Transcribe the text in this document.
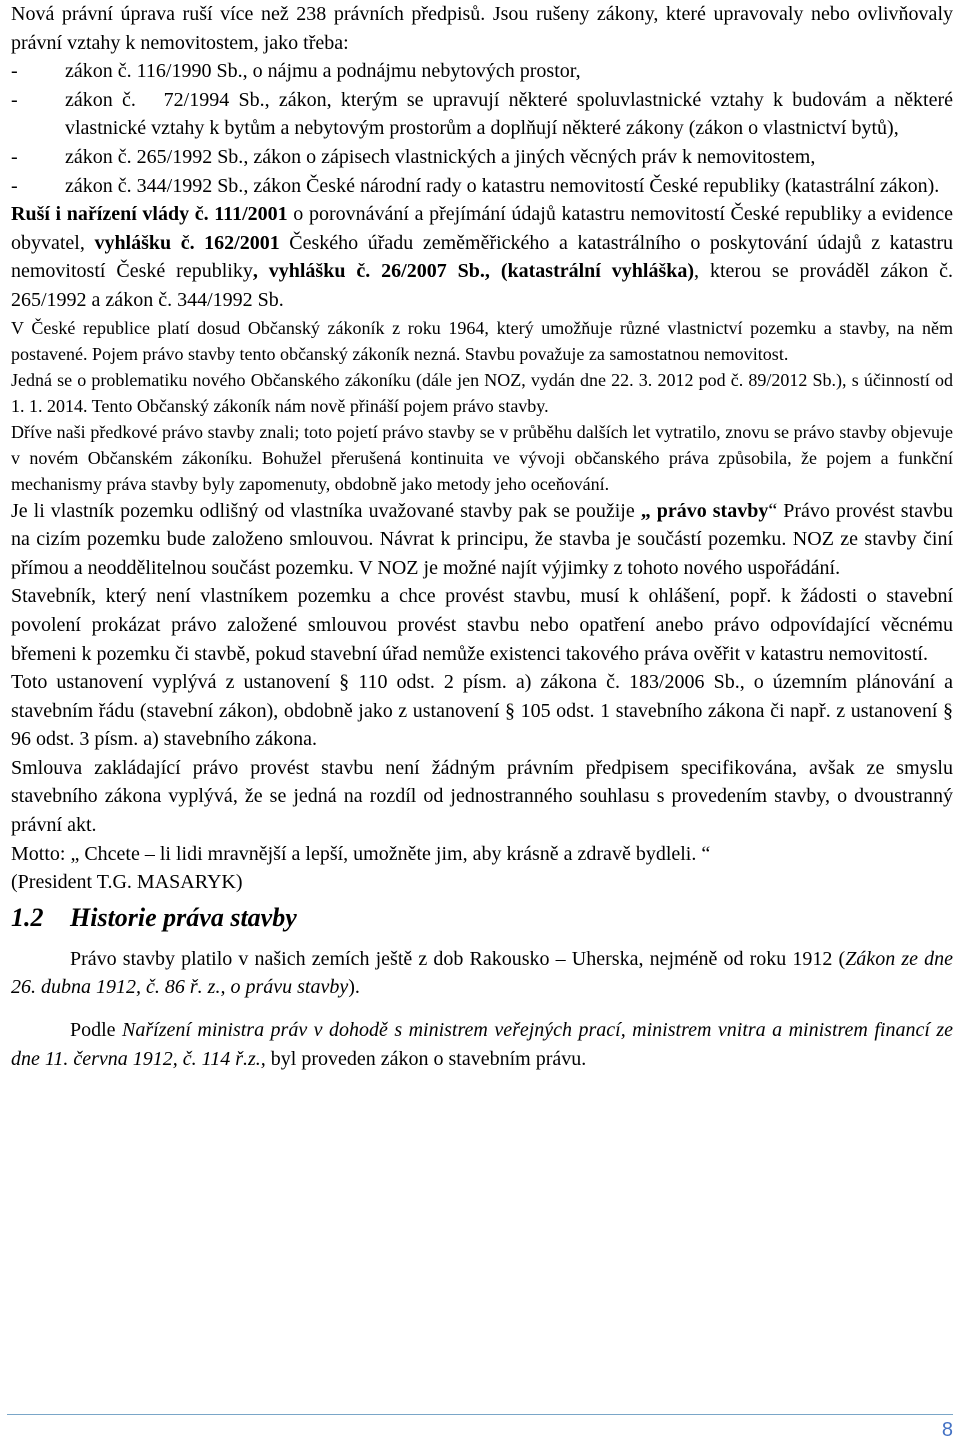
Nová právní úprava ruší více než 238 právních předpisů. Jsou rušeny zákony, které upravovaly nebo ovlivňovaly právní vztahy k nemovitostem, jako třeba:

- zákon č. 116/1990 Sb., o nájmu a podnájmu nebytových prostor,
- zákon č.   72/1994 Sb., zákon, kterým se upravují některé spoluvlastnické vztahy k budovám a některé vlastnické vztahy k bytům a nebytovým prostorům a doplňují některé zákony (zákon o vlastnictví bytů),
- zákon č. 265/1992 Sb., zákon o zápisech vlastnických a jiných věcných práv k nemovitostem,
- zákon č. 344/1992 Sb., zákon České národní rady o katastru nemovitostí České republiky (katastrální zákon).

Ruší i nařízení vlády č. 111/2001 o porovnávání a přejímání údajů katastru nemovitostí České republiky a evidence obyvatel, vyhlášku č. 162/2001 Českého úřadu zeměměřického a katastrálního o poskytování údajů z katastru nemovitostí České republiky, vyhlášku č. 26/2007 Sb., (katastrální vyhláška), kterou se prováděl zákon č. 265/1992 a zákon č. 344/1992 Sb.

V České republice platí dosud Občanský zákoník z roku 1964, který umožňuje různé vlastnictví pozemku a stavby, na něm postavené. Pojem právo stavby tento občanský zákoník nezná. Stavbu považuje za samostatnou nemovitost.

Jedná se o problematiku nového Občanského zákoníku (dále jen NOZ, vydán dne 22. 3. 2012 pod č. 89/2012 Sb.), s účinností od 1. 1. 2014. Tento Občanský zákoník nám nově přináší pojem právo stavby.

Dříve naši předkové právo stavby znali; toto pojetí právo stavby se v průběhu dalších let vytratilo, znovu se právo stavby objevuje v novém Občanském zákoníku. Bohužel přerušená kontinuita ve vývoji občanského práva způsobila, že pojem a funkční mechanismy práva stavby byly zapomenuty, obdobně jako metody jeho oceňování.

Je li vlastník pozemku odlišný od vlastníka uvažované stavby pak se použije „ právo stavby“ Právo provést stavbu na cizím pozemku bude založeno smlouvou. Návrat k principu, že stavba je součástí pozemku. NOZ ze stavby činí přímou a neoddělitelnou součást pozemku. V NOZ je možné najít výjimky z tohoto nového uspořádání.

Stavebník, který není vlastníkem pozemku a chce provést stavbu, musí k ohlášení, popř. k žádosti o stavební povolení prokázat právo založené smlouvou provést stavbu nebo opatření anebo právo odpovídající věcnému břemeni k pozemku či stavbě, pokud stavební úřad nemůže existenci takového práva ověřit v katastru nemovitostí.

Toto ustanovení vyplývá z ustanovení § 110 odst. 2 písm. a) zákona č. 183/2006 Sb., o územním plánování a stavebním řádu (stavební zákon), obdobně jako z ustanovení § 105 odst. 1 stavebního zákona či např. z ustanovení § 96 odst. 3 písm. a) stavebního zákona.

Smlouva zakládající právo provést stavbu není žádným právním předpisem specifikována, avšak ze smyslu stavebního zákona vyplývá, že se jedná na rozdíl od jednostranného souhlasu s provedením stavby, o dvoustranný právní akt.

Motto: „ Chcete – li lidi mravnější a lepší, umožněte jim, aby krásně a zdravě bydleli. “

(President T.G. MASARYK)

1.2 Historie práva stavby

Právo stavby platilo v našich zemích ještě z dob Rakousko – Uherska, nejméně od roku 1912 (Zákon ze dne 26. dubna 1912, č. 86 ř. z., o právu stavby).

Podle Nařízení ministra práv v dohodě s ministrem veřejných prací, ministrem vnitra a ministrem financí ze dne 11. června 1912, č. 114 ř.z., byl proveden zákon o stavebním právu.

8
